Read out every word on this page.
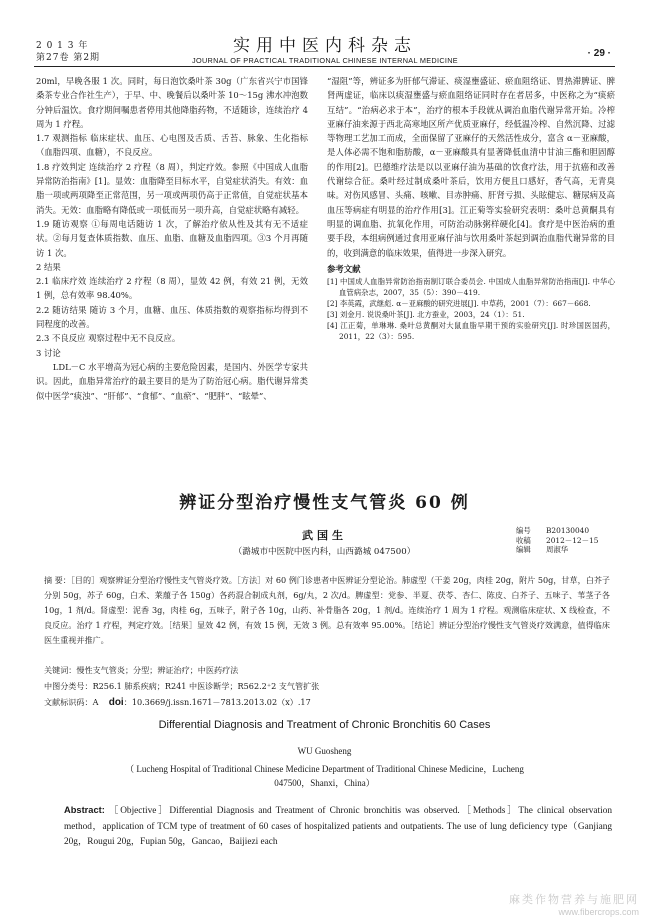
2 0 1 3 年
第27卷 第2期
实用中医内科杂志
JOURNAL OF PRACTICAL TRADITIONAL CHINESE INTERNAL MEDICINE
· 29 ·

20ml，早晚各服 1 次。同时，每日泡饮桑叶茶 30g（广东省兴宁市国锋桑茶专业合作社生产），于早、中、晚餐后以桑叶茶 10～15g 沸水冲泡数分钟后温饮。食疗期间嘱患者停用其他降脂药物，不适随诊，连续治疗 4 周为 1 疗程。

1.7 观测指标 临床症状、血压、心电图及舌质、舌苔、脉象、生化指标（血脂四项、血糖），不良反应。

1.8 疗效判定 连续治疗 2 疗程（8 周），判定疗效。参照《中国成人血脂异常防治指南》[1]。显效：血脂降至目标水平，自觉症状消失。有效：血脂一项或两项降至正常范围，另一项或两项仍高于正常值，自觉症状基本消失。无效：血脂略有降低或一项低而另一项升高，自觉症状略有减轻。

1.9 随访观察 ①每周电话随访 1 次，了解治疗依从性及其有无不适症状。②每月复查体质指数、血压、血脂、血糖及血脂四项。③3 个月再随访 1 次。

2 结果

2.1 临床疗效 连续治疗 2 疗程（8 周），显效 42 例，有效 21 例，无效 1 例，总有效率 98.40%。

2.2 随访结果 随访 3 个月，血糖、血压、体质指数的观察指标均得到不同程度的改善。

2.3 不良反应 观察过程中无不良反应。

3 讨论

LDL－C 水平增高为冠心病的主要危险因素，是国内、外医学专家共识。因此，血脂异常治疗的最主要目的是为了防治冠心病。脂代谢异常类似中医学“痰浊”、“肝郁”、“食郁”、“血瘀”、“肥胖”、“眩晕”、

“湿阻”等，辨证多为肝郁气滞证、痰湿壅盛证、瘀血阻络证、胃热滞脾证、脾肾两虚证，临床以痰湿壅盛与瘀血阻络证同时存在者居多，中医称之为“痰瘀互结”。“治病必求于本”，治疗的根本手段就从调治血脂代谢异常开始。冷榨亚麻仔油来源于西北高寒地区所产优质亚麻仔，经低温冷榨、自然沉降、过滤等物理工艺加工而成，全面保留了亚麻仔的天然活性成分，富含 α－亚麻酸，是人体必需不饱和脂肪酸，α－亚麻酸具有显著降低血清中甘油三酯和胆固醇的作用[2]。巴德维疗法是以以亚麻仔油为基础的饮食疗法，用于抗癌和改善代谢综合征。桑叶经过制成桑叶茶后，饮用方便且口感好，香气高，无青臭味。对伤风感冒、头痛、咳嗽、目赤肿痛、肝肾亏损、头眩健忘、糖尿病及高血压等病症有明显的治疗作用[3]。江正菊等实验研究表明：桑叶总黄酮具有明显的调血脂、抗氧化作用，可防治动脉粥样硬化[4]。食疗是中医治病的重要手段，本组病例通过食用亚麻仔油与饮用桑叶茶起到调治血脂代谢异常的目的，收到满意的临床效果，值得进一步深入研究。

参考文献

[1] 中国成人血脂异常防治指南制订联合委员会. 中国成人血脂异常防治指南[J]. 中华心血管病杂志，2007，35（5）：390－419.

[2] 李英霞，武继彪. α－亚麻酸的研究进展[J]. 中草药，2001（7）：667－668.

[3] 刘金月. 说说桑叶茶[J]. 北方蚕业，2003，24（1）：51.

[4] 江正菊，单琳琳. 桑叶总黄酮对大鼠血脂早期干预的实验研究[J]. 时珍国医国药，2011，22（3）：595.

辨证分型治疗慢性支气管炎 60 例
武国生
（潞城市中医院中医内科，山西潞城 047500）
编号 B20130040
收稿 2012－12－15
编辑 周淑华

摘 要：［目的］观察辨证分型治疗慢性支气管炎疗效。［方法］对 60 例门诊患者中医辨证分型论治。肺虚型（干姜 20g，肉桂 20g，附片 50g，甘草，白芥子分别 50g，苏子 60g，白术、莱菔子各 150g）各药混合制成丸剂，6g/丸，2 次/d。脾虚型：党参、半夏、茯苓、杏仁、陈皮、白芥子、五味子、苇茎子各 10g，1 剂/d。肾虚型：泥香 3g，肉桂 6g，五味子，附子各 10g，山药、补骨脂各 20g，1 剂/d。连续治疗 1 周为 1 疗程。观测临床症状、X 线检查，不良反应。治疗 1 疗程，判定疗效。［结果］显效 42 例，有效 15 例，无效 3 例。总有效率 95.00%。［结论］辨证分型治疗慢性支气管炎疗效满意，值得临床医生重视并推广。

关键词：慢性支气管炎；分型；辨证治疗；中医药疗法
中图分类号：R256.1 肺系疾病；R241 中医诊断学；R562.2⁺2 支气管扩张
文献标识码：A doi：10.3669/j.issn.1671－7813.2013.02（x）.17
Differential Diagnosis and Treatment of Chronic Bronchitis 60 Cases
WU Guosheng
（ Lucheng Hospital of Traditional Chinese Medicine Department of Traditional Chinese Medicine，Lucheng 047500，Shanxi，China）
Abstract: ［Objective］Differential Diagnosis and Treatment of Chronic bronchitis was observed.［Methods］The clinical observation method，application of TCM type of treatment of 60 cases of hospitalized patients and outpatients. The use of lung deficiency type（Ganjiang 20g，Rougui 20g，Fupian 50g，Gancao，Baijiezi each
麻类作物营养与施肥网
www.fibercrops.com
